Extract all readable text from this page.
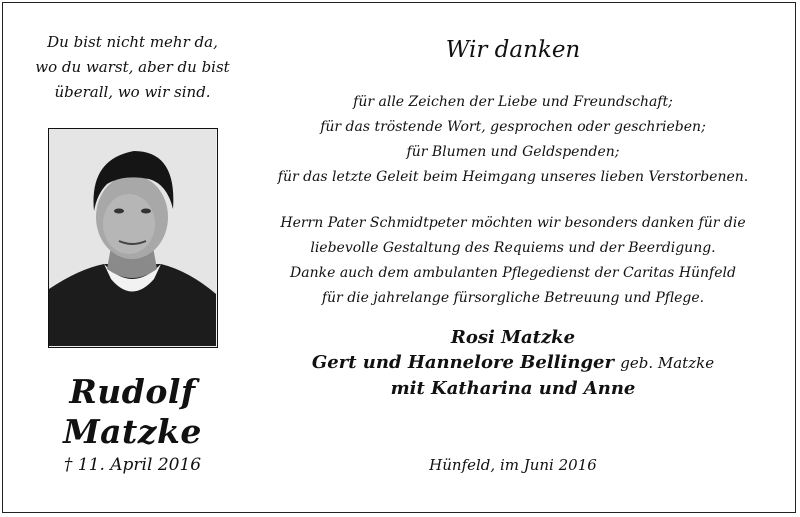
Du bist nicht mehr da,
wo du warst, aber du bist
überall, wo wir sind.
Rudolf
Matzke
† 11. April 2016
Wir danken
für alle Zeichen der Liebe und Freundschaft;
für das tröstende Wort, gesprochen oder geschrieben;
für Blumen und Geldspenden;
für das letzte Geleit beim Heimgang unseres lieben Verstorbenen.
Herrn Pater Schmidtpeter möchten wir besonders danken für die
liebevolle Gestaltung des Requiems und der Beerdigung.
Danke auch dem ambulanten Pflegedienst der Caritas Hünfeld
für die jahrelange fürsorgliche Betreuung und Pflege.
Rosi Matzke
Gert und Hannelore Bellinger geb. Matzke
mit Katharina und Anne
Hünfeld, im Juni 2016
